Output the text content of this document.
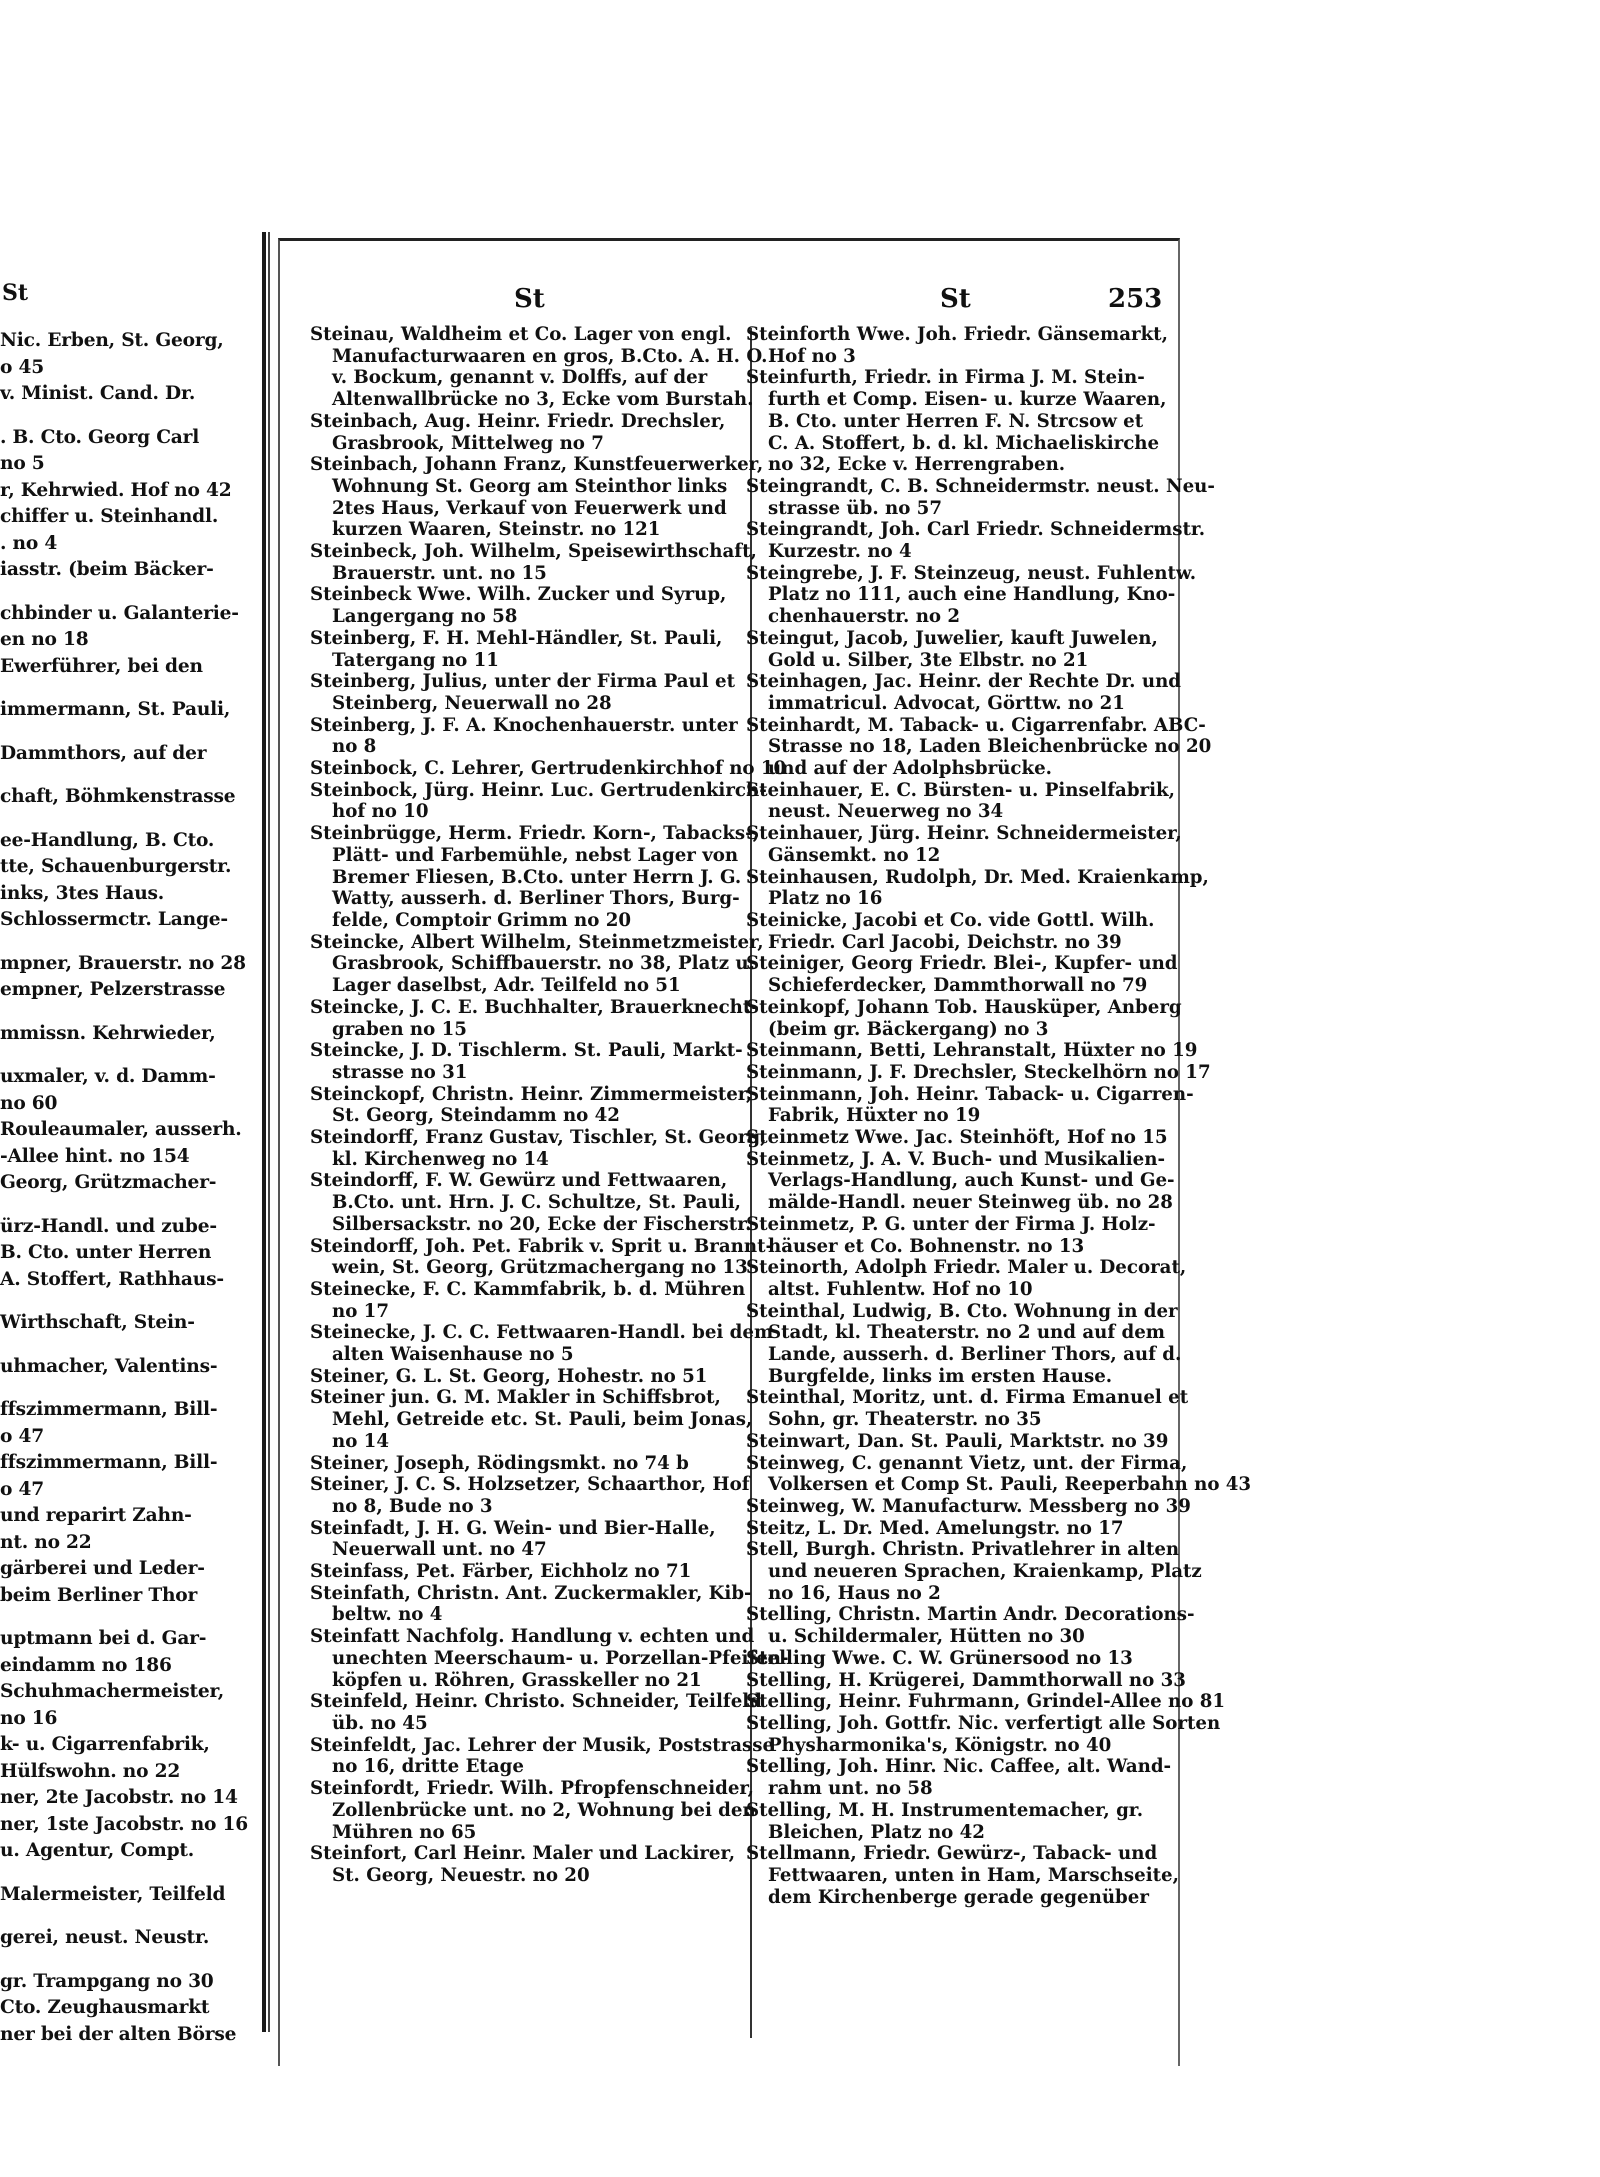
St
Nic. Erben, St. Georg,
o 45
v. Minist. Cand. Dr.

. B. Cto. Georg Carl
no 5
r, Kehrwied. Hof no 42
chiffer u. Steinhandl.
. no 4
iasstr. (beim Bäcker-

chbinder u. Galanterie-
en no 18
Ewerführer, bei den

immermann, St. Pauli,

Dammthors, auf der

chaft, Böhmkenstrasse

ee-Handlung, B. Cto.
tte, Schauenburgerstr.
inks, 3tes Haus.
Schlossermctr. Lange-

mpner, Brauerstr. no 28
empner, Pelzerstrasse

mmissn. Kehrwieder,

uxmaler, v. d. Damm-
no 60
Rouleaumaler, ausserh.
-Allee hint. no 154
Georg, Grützmacher-

ürz-Handl. und zube-
B. Cto. unter Herren
A. Stoffert, Rathhaus-

Wirthschaft, Stein-

uhmacher, Valentins-

ffszimmermann, Bill-
o 47
ffszimmermann, Bill-
o 47
und reparirt Zahn-
nt. no 22
gärberei und Leder-
beim Berliner Thor

uptmann bei d. Gar-
eindamm no 186
Schuhmachermeister,
no 16
k- u. Cigarrenfabrik,
Hülfswohn. no 22
ner, 2te Jacobstr. no 14
ner, 1ste Jacobstr. no 16
u. Agentur, Compt.

Malermeister, Teilfeld

gerei, neust. Neustr.

gr. Trampgang no 30
Cto. Zeughausmarkt
ner bei der alten Börse
St	St	253
Steinau, Waldheim et Co. Lager von engl.
Manufacturwaaren en gros, B.Cto. A. H. O.
v. Bockum, genannt v. Dolffs, auf der
Altenwallbrücke no 3, Ecke vom Burstah.
Steinbach, Aug. Heinr. Friedr. Drechsler,
Grasbrook, Mittelweg no 7
Steinbach, Johann Franz, Kunstfeuerwerker,
Wohnung St. Georg am Steinthor links
2tes Haus, Verkauf von Feuerwerk und
kurzen Waaren, Steinstr. no 121
Steinbeck, Joh. Wilhelm, Speisewirthschaft,
Brauerstr. unt. no 15
Steinbeck Wwe. Wilh. Zucker und Syrup,
Langergang no 58
Steinberg, F. H. Mehl-Händler, St. Pauli,
Tatergang no 11
Steinberg, Julius, unter der Firma Paul et
Steinberg, Neuerwall no 28
Steinberg, J. F. A. Knochenhauerstr. unter
no 8
Steinbock, C. Lehrer, Gertrudenkirchhof no 10
Steinbock, Jürg. Heinr. Luc. Gertrudenkirch-
hof no 10
Steinbrügge, Herm. Friedr. Korn-, Tabacks-,
Plätt- und Farbemühle, nebst Lager von
Bremer Fliesen, B.Cto. unter Herrn J. G.
Watty, ausserh. d. Berliner Thors, Burg-
felde, Comptoir Grimm no 20
Steincke, Albert Wilhelm, Steinmetzmeister,
Grasbrook, Schiffbauerstr. no 38, Platz u.
Lager daselbst, Adr. Teilfeld no 51
Steincke, J. C. E. Buchhalter, Brauerknecht-
graben no 15
Steincke, J. D. Tischlerm. St. Pauli, Markt-
strasse no 31
Steinckopf, Christn. Heinr. Zimmermeister,
St. Georg, Steindamm no 42
Steindorff, Franz Gustav, Tischler, St. Georg,
kl. Kirchenweg no 14
Steindorff, F. W. Gewürz und Fettwaaren,
B.Cto. unt. Hrn. J. C. Schultze, St. Pauli,
Silbersackstr. no 20, Ecke der Fischerstr.
Steindorff, Joh. Pet. Fabrik v. Sprit u. Brannt-
wein, St. Georg, Grützmachergang no 13
Steinecke, F. C. Kammfabrik, b. d. Mühren
no 17
Steinecke, J. C. C. Fettwaaren-Handl. bei dem
alten Waisenhause no 5
Steiner, G. L. St. Georg, Hohestr. no 51
Steiner jun. G. M. Makler in Schiffsbrot,
Mehl, Getreide etc. St. Pauli, beim Jonas,
no 14
Steiner, Joseph, Rödingsmkt. no 74 b
Steiner, J. C. S. Holzsetzer, Schaarthor, Hof
no 8, Bude no 3
Steinfadt, J. H. G. Wein- und Bier-Halle,
Neuerwall unt. no 47
Steinfass, Pet. Färber, Eichholz no 71
Steinfath, Christn. Ant. Zuckermakler, Kib-
beltw. no 4
Steinfatt Nachfolg. Handlung v. echten und
unechten Meerschaum- u. Porzellan-Pfeifen-
köpfen u. Röhren, Grasskeller no 21
Steinfeld, Heinr. Christo. Schneider, Teilfeld
üb. no 45
Steinfeldt, Jac. Lehrer der Musik, Poststrasse
no 16, dritte Etage
Steinfordt, Friedr. Wilh. Pfropfenschneider,
Zollenbrücke unt. no 2, Wohnung bei den
Mühren no 65
Steinfort, Carl Heinr. Maler und Lackirer,
St. Georg, Neuestr. no 20
Steinforth Wwe. Joh. Friedr. Gänsemarkt,
Hof no 3
Steinfurth, Friedr. in Firma J. M. Stein-
furth et Comp. Eisen- u. kurze Waaren,
B. Cto. unter Herren F. N. Strcsow et
C. A. Stoffert, b. d. kl. Michaeliskirche
no 32, Ecke v. Herrengraben.
Steingrandt, C. B. Schneidermstr. neust. Neu-
strasse üb. no 57
Steingrandt, Joh. Carl Friedr. Schneidermstr.
Kurzestr. no 4
Steingrebe, J. F. Steinzeug, neust. Fuhlentw.
Platz no 111, auch eine Handlung, Kno-
chenhauerstr. no 2
Steingut, Jacob, Juwelier, kauft Juwelen,
Gold u. Silber, 3te Elbstr. no 21
Steinhagen, Jac. Heinr. der Rechte Dr. und
immatricul. Advocat, Görttw. no 21
Steinhardt, M. Taback- u. Cigarrenfabr. ABC-
Strasse no 18, Laden Bleichenbrücke no 20
und auf der Adolphsbrücke.
Steinhauer, E. C. Bürsten- u. Pinselfabrik,
neust. Neuerweg no 34
Steinhauer, Jürg. Heinr. Schneidermeister,
Gänsemkt. no 12
Steinhausen, Rudolph, Dr. Med. Kraienkamp,
Platz no 16
Steinicke, Jacobi et Co. vide Gottl. Wilh.
Friedr. Carl Jacobi, Deichstr. no 39
Steiniger, Georg Friedr. Blei-, Kupfer- und
Schieferdecker, Dammthorwall no 79
Steinkopf, Johann Tob. Hausküper, Anberg
(beim gr. Bäckergang) no 3
Steinmann, Betti, Lehranstalt, Hüxter no 19
Steinmann, J. F. Drechsler, Steckelhörn no 17
Steinmann, Joh. Heinr. Taback- u. Cigarren-
Fabrik, Hüxter no 19
Steinmetz Wwe. Jac. Steinhöft, Hof no 15
Steinmetz, J. A. V. Buch- und Musikalien-
Verlags-Handlung, auch Kunst- und Ge-
mälde-Handl. neuer Steinweg üb. no 28
Steinmetz, P. G. unter der Firma J. Holz-
häuser et Co. Bohnenstr. no 13
Steinorth, Adolph Friedr. Maler u. Decorat,
altst. Fuhlentw. Hof no 10
Steinthal, Ludwig, B. Cto. Wohnung in der
Stadt, kl. Theaterstr. no 2 und auf dem
Lande, ausserh. d. Berliner Thors, auf d.
Burgfelde, links im ersten Hause.
Steinthal, Moritz, unt. d. Firma Emanuel et
Sohn, gr. Theaterstr. no 35
Steinwart, Dan. St. Pauli, Marktstr. no 39
Steinweg, C. genannt Vietz, unt. der Firma,
Volkersen et Comp St. Pauli, Reeperbahn no 43
Steinweg, W. Manufacturw. Messberg no 39
Steitz, L. Dr. Med. Amelungstr. no 17
Stell, Burgh. Christn. Privatlehrer in alten
und neueren Sprachen, Kraienkamp, Platz
no 16, Haus no 2
Stelling, Christn. Martin Andr. Decorations-
u. Schildermaler, Hütten no 30
Stelling Wwe. C. W. Grünersood no 13
Stelling, H. Krügerei, Dammthorwall no 33
Stelling, Heinr. Fuhrmann, Grindel-Allee no 81
Stelling, Joh. Gottfr. Nic. verfertigt alle Sorten
Physharmonika's, Königstr. no 40
Stelling, Joh. Hinr. Nic. Caffee, alt. Wand-
rahm unt. no 58
Stelling, M. H. Instrumentemacher, gr.
Bleichen, Platz no 42
Stellmann, Friedr. Gewürz-, Taback- und
Fettwaaren, unten in Ham, Marschseite,
dem Kirchenberge gerade gegenüber
